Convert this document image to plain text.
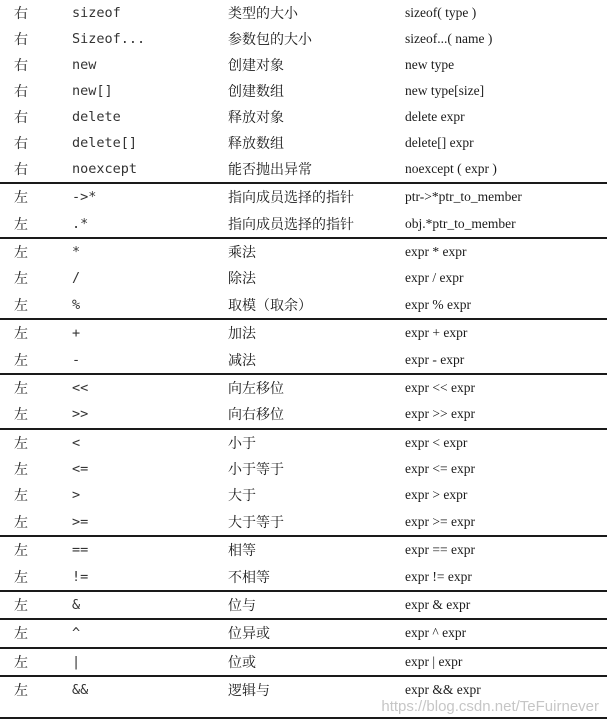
右	sizeof	类型的大小	sizeof( type )
右	Sizeof...	参数包的大小	sizeof...( name )
右	new	创建对象	new type
右	new[]	创建数组	new type[size]
右	delete	释放对象	delete expr
右	delete[]	释放数组	delete[] expr
右	noexcept	能否抛出异常	noexcept ( expr )
左	->*	指向成员选择的指针	ptr->*ptr_to_member
左	.*	指向成员选择的指针	obj.*ptr_to_member
左	*	乘法	expr * expr
左	/	除法	expr / expr
左	%	取模（取余）	expr % expr
左	+	加法	expr + expr
左	-	减法	expr - expr
左	<<	向左移位	expr << expr
左	>>	向右移位	expr >> expr
左	<	小于	expr < expr
左	<=	小于等于	expr <= expr
左	>	大于	expr > expr
左	>=	大于等于	expr >= expr
左	==	相等	expr == expr
左	!=	不相等	expr != expr
左	&	位与	expr & expr
左	^	位异或	expr ^ expr
左	|	位或	expr | expr
左	&&	逻辑与	expr && expr
https://blog.csdn.net/TeFuirnever
